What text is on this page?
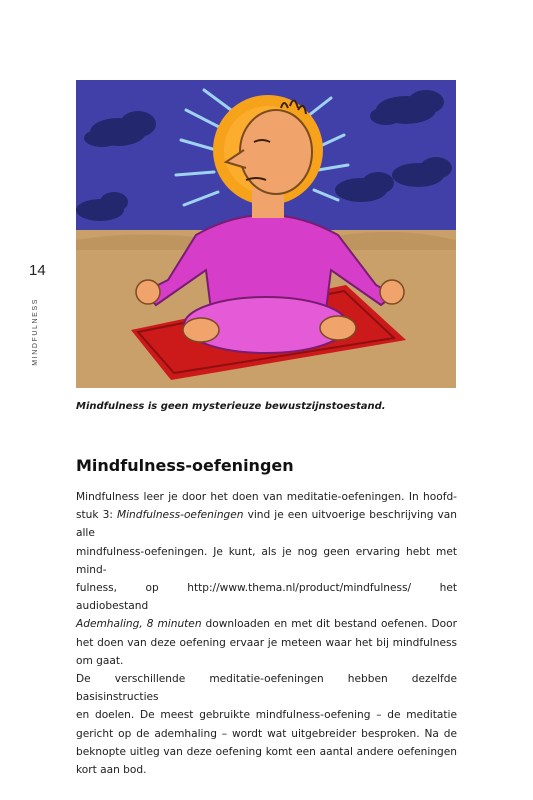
14
MINDFULNESS

Mindfulness is geen mysterieuze bewustzijnstoestand.

Mindfulness-oefeningen
Mindfulness leer je door het doen van meditatie-oefeningen. In hoofd-
stuk 3: Mindfulness-oefeningen vind je een uitvoerige beschrijving van alle
mindfulness-oefeningen. Je kunt, als je nog geen ervaring hebt met mind-
fulness, op http://www.thema.nl/product/mindfulness/ het audiobestand
Ademhaling, 8 minuten downloaden en met dit bestand oefenen. Door
het doen van deze oefening ervaar je meteen waar het bij mindfulness
om gaat.
De verschillende meditatie-oefeningen hebben dezelfde basisinstructies
en doelen. De meest gebruikte mindfulness-oefening – de meditatie
gericht op de ademhaling – wordt wat uitgebreider besproken. Na de
beknopte uitleg van deze oefening komt een aantal andere oefeningen
kort aan bod.
